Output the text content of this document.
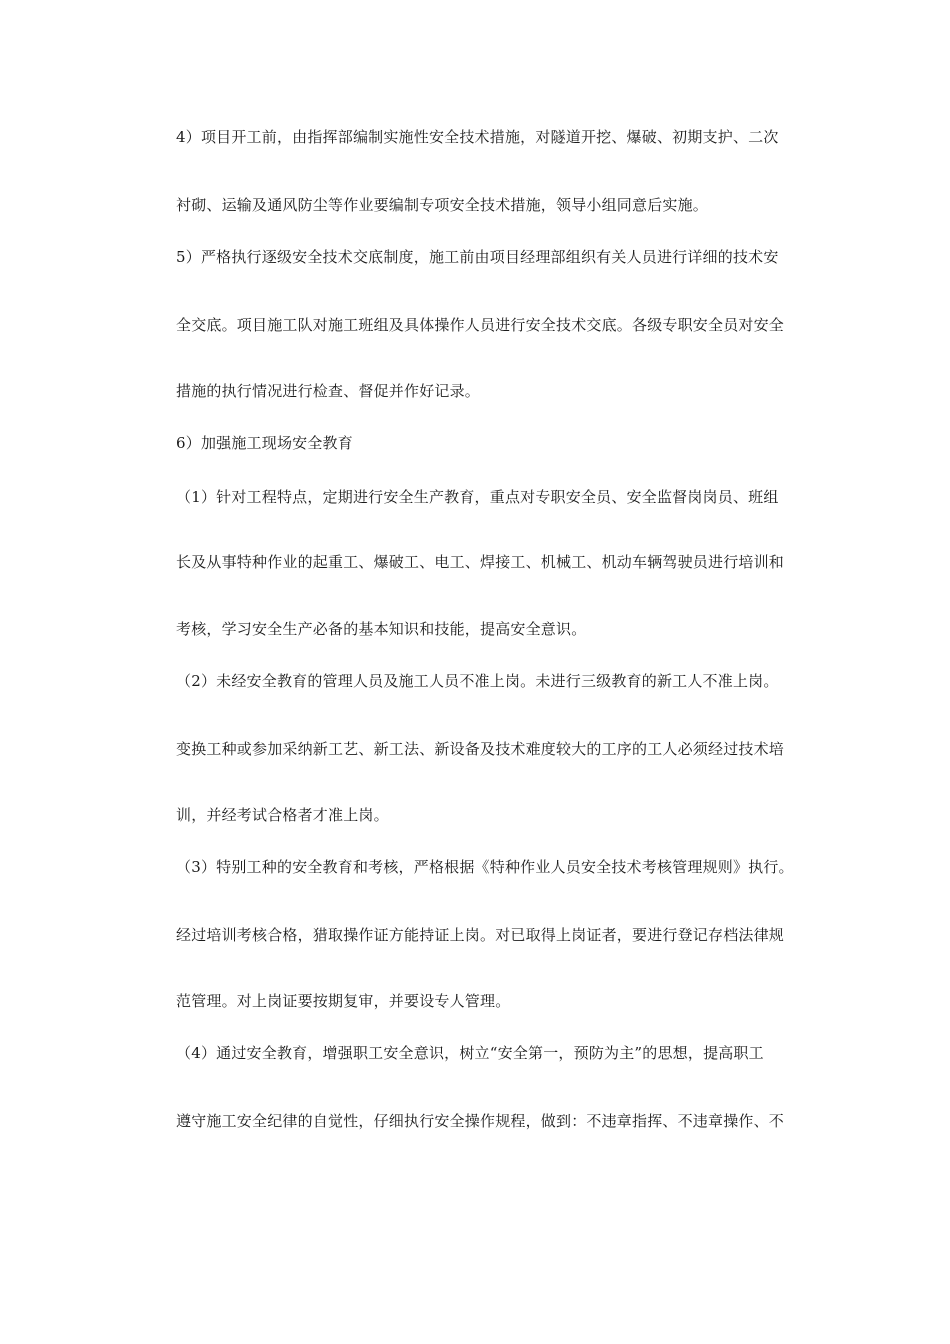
4）项目开工前，由指挥部编制实施性安全技术措施，对隧道开挖、爆破、初期支护、二次
衬砌、运输及通风防尘等作业要编制专项安全技术措施，领导小组同意后实施。
5）严格执行逐级安全技术交底制度，施工前由项目经理部组织有关人员进行详细的技术安
全交底。项目施工队对施工班组及具体操作人员进行安全技术交底。各级专职安全员对安全
措施的执行情况进行检查、督促并作好记录。
6）加强施工现场安全教育
（1）针对工程特点，定期进行安全生产教育，重点对专职安全员、安全监督岗岗员、班组
长及从事特种作业的起重工、爆破工、电工、焊接工、机械工、机动车辆驾驶员进行培训和
考核，学习安全生产必备的基本知识和技能，提高安全意识。
（2）未经安全教育的管理人员及施工人员不准上岗。未进行三级教育的新工人不准上岗。
变换工种或参加采纳新工艺、新工法、新设备及技术难度较大的工序的工人必须经过技术培
训，并经考试合格者才准上岗。
（3）特别工种的安全教育和考核，严格根据《特种作业人员安全技术考核管理规则》执行。
经过培训考核合格，猎取操作证方能持证上岗。对已取得上岗证者，要进行登记存档法律规
范管理。对上岗证要按期复审，并要设专人管理。
（4）通过安全教育，增强职工安全意识，树立“安全第一，预防为主”的思想，提高职工
遵守施工安全纪律的自觉性，仔细执行安全操作规程，做到：不违章指挥、不违章操作、不
